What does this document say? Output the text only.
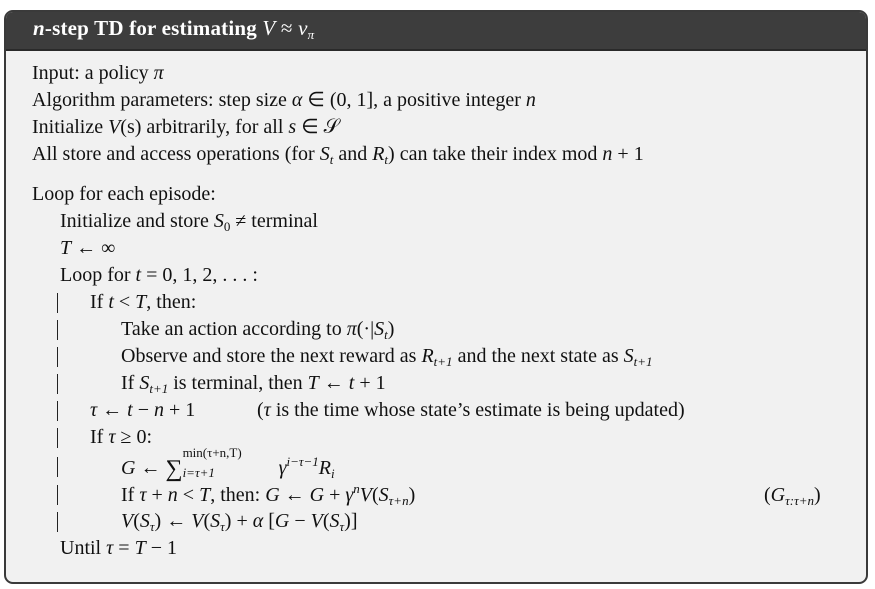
n-step TD for estimating $V \approx v_\pi$
Input: a policy π
Algorithm parameters: step size α ∈ (0, 1], a positive integer n
Initialize V(s) arbitrarily, for all s ∈ 𝒮
All store and access operations (for $S_t$ and $R_t$) can take their index mod n + 1
Loop for each episode:
Initialize and store $S_0$ ≠ terminal
T ← ∞
Loop for t = 0, 1, 2, . . . :
If t < T, then:
Take an action according to $\pi(\cdot|S_t)$
Observe and store the next reward as $R_{t+1}$ and the next state as $S_{t+1}$
If $S_{t+1}$ is terminal, then T ← t + 1
τ ← t − n + 1	(τ is the time whose state’s estimate is being updated)
If τ ≥ 0:
G ← ∑
min(τ+n,T)
i=τ+1	$\gamma^{i-\tau-1}R_i$
If τ + n < T, then: G ← $G + \gamma^nV(S_{\tau+n})$	$(G_{\tau:\tau+n})$
$V(S_\tau)$ ← $V(S_\tau) + \alpha$ $[G - V(S_\tau)]$
Until τ = T − 1
